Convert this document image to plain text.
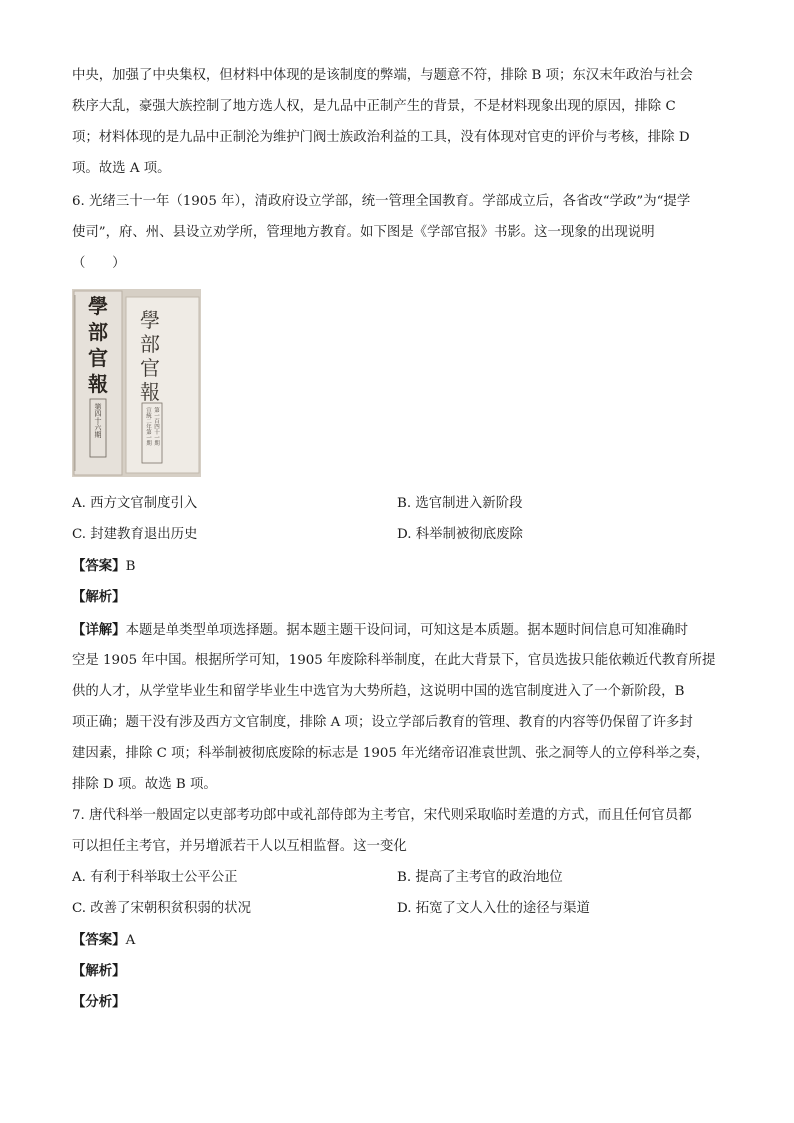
中央，加强了中央集权，但材料中体现的是该制度的弊端，与题意不符，排除 B 项；东汉末年政治与社会
秩序大乱，豪强大族控制了地方选人权，是九品中正制产生的背景，不是材料现象出现的原因，排除 C
项；材料体现的是九品中正制沦为维护门阀士族政治利益的工具，没有体现对官吏的评价与考核，排除 D
项。故选 A 项。
6. 光绪三十一年（1905 年），清政府设立学部，统一管理全国教育。学部成立后，各省改“学政”为“提学
使司”，府、州、县设立劝学所，管理地方教育。如下图是《学部官报》书影。这一现象的出现说明
（　　）
學
部
官
報
第四十六期
學
部
官
報
宣統二年第一期 第一百四十一期
A. 西方文官制度引入	B. 选官制进入新阶段
C. 封建教育退出历史	D. 科举制被彻底废除
【答案】B
【解析】
【详解】本题是单类型单项选择题。据本题主题干设问词，可知这是本质题。据本题时间信息可知准确时
空是 1905 年中国。根据所学可知，1905 年废除科举制度，在此大背景下，官员选拔只能依赖近代教育所提
供的人才，从学堂毕业生和留学毕业生中选官为大势所趋，这说明中国的选官制度进入了一个新阶段，B
项正确；题干没有涉及西方文官制度，排除 A 项；设立学部后教育的管理、教育的内容等仍保留了许多封
建因素，排除 C 项；科举制被彻底废除的标志是 1905 年光绪帝诏准袁世凯、张之洞等人的立停科举之奏，
排除 D 项。故选 B 项。
7. 唐代科举一般固定以吏部考功郎中或礼部侍郎为主考官，宋代则采取临时差遣的方式，而且任何官员都
可以担任主考官，并另增派若干人以互相监督。这一变化
A. 有利于科举取士公平公正	B. 提高了主考官的政治地位
C. 改善了宋朝积贫积弱的状况	D. 拓宽了文人入仕的途径与渠道
【答案】A
【解析】
【分析】
